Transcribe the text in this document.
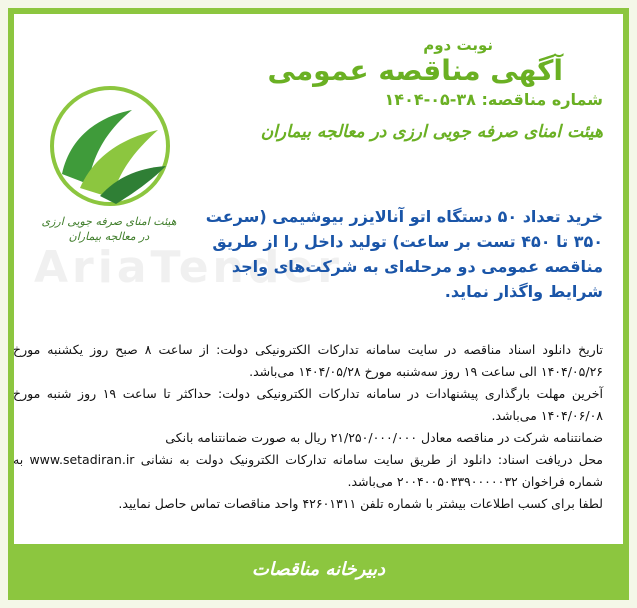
AriaTender
نوبت دوم
آگهی مناقصه عمومی
شماره مناقصه: ۳۸-۰۵-۱۴۰۴
هیئت امنای صرفه جویی ارزی در معالجه بیماران
هیئت امنای صرفه جویی ارزی
در معالجه بیماران
خرید تعداد ۵۰ دستگاه اتو آنالایزر بیوشیمی (سرعت ۳۵۰ تا ۴۵۰ تست بر ساعت) تولید داخل را از طریق مناقصه عمومی دو مرحله‌ای به شرکت‌های واجد شرایط واگذار نماید.

تاریخ دانلود اسناد مناقصه در سایت سامانه تدارکات الکترونیکی دولت: از ساعت ۸ صبح روز یکشنبه مورخ ۱۴۰۴/۰۵/۲۶ الی ساعت ۱۹ روز سه‌شنبه مورخ ۱۴۰۴/۰۵/۲۸ می‌باشد.

آخرین مهلت بارگذاری پیشنهادات در سامانه تدارکات الکترونیکی دولت: حداکثر تا ساعت ۱۹ روز شنبه مورخ ۱۴۰۴/۰۶/۰۸ می‌باشد.

ضمانتنامه شرکت در مناقصه معادل ۲۱/۲۵۰/۰۰۰/۰۰۰ ریال به صورت ضمانتنامه بانکی

محل دریافت اسناد: دانلود از طریق سایت سامانه تدارکات الکترونیک دولت به نشانی www.setadiran.ir به شماره فراخوان ۲۰۰۴۰۰۵۰۳۳۹۰۰۰۰۰۳۲ می‌باشد.

لطفا برای کسب اطلاعات بیشتر با شماره تلفن ۴۲۶۰۱۳۱۱ واحد مناقصات تماس حاصل نمایید.

دبیرخانه مناقصات
